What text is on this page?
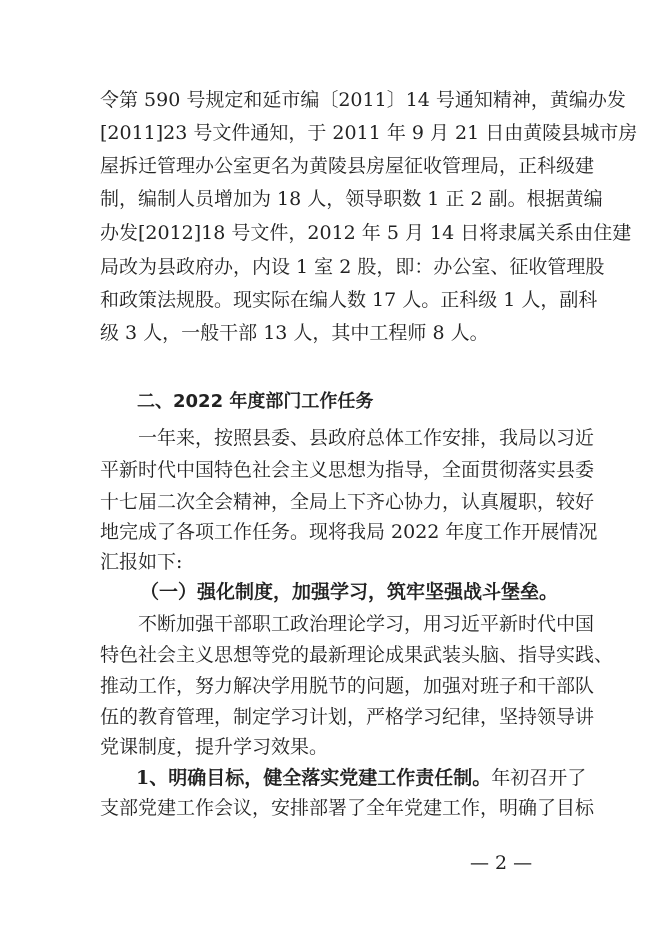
令第 590 号规定和延市编〔2011〕14 号通知精神，黄编办发
[2011]23 号文件通知，于 2011 年 9 月 21 日由黄陵县城市房
屋拆迁管理办公室更名为黄陵县房屋征收管理局，正科级建
制，编制人员增加为 18 人，领导职数 1 正 2 副。根据黄编
办发[2012]18 号文件，2012 年 5 月 14 日将隶属关系由住建
局改为县政府办，内设 1 室 2 股，即：办公室、征收管理股
和政策法规股。现实际在编人数 17 人。正科级 1 人，副科
级 3 人，一般干部 13 人，其中工程师 8 人。
二、2022 年度部门工作任务
一年来，按照县委、县政府总体工作安排，我局以习近
平新时代中国特色社会主义思想为指导，全面贯彻落实县委
十七届二次全会精神，全局上下齐心协力，认真履职，较好
地完成了各项工作任务。现将我局 2022 年度工作开展情况
汇报如下:
（一）强化制度，加强学习，筑牢坚强战斗堡垒。
不断加强干部职工政治理论学习，用习近平新时代中国
特色社会主义思想等党的最新理论成果武装头脑、指导实践、
推动工作，努力解决学用脱节的问题，加强对班子和干部队
伍的教育管理，制定学习计划，严格学习纪律，坚持领导讲
党课制度，提升学习效果。
1、明确目标，健全落实党建工作责任制。 年初召开了
支部党建工作会议，安排部署了全年党建工作，明确了目标
— 2 —
